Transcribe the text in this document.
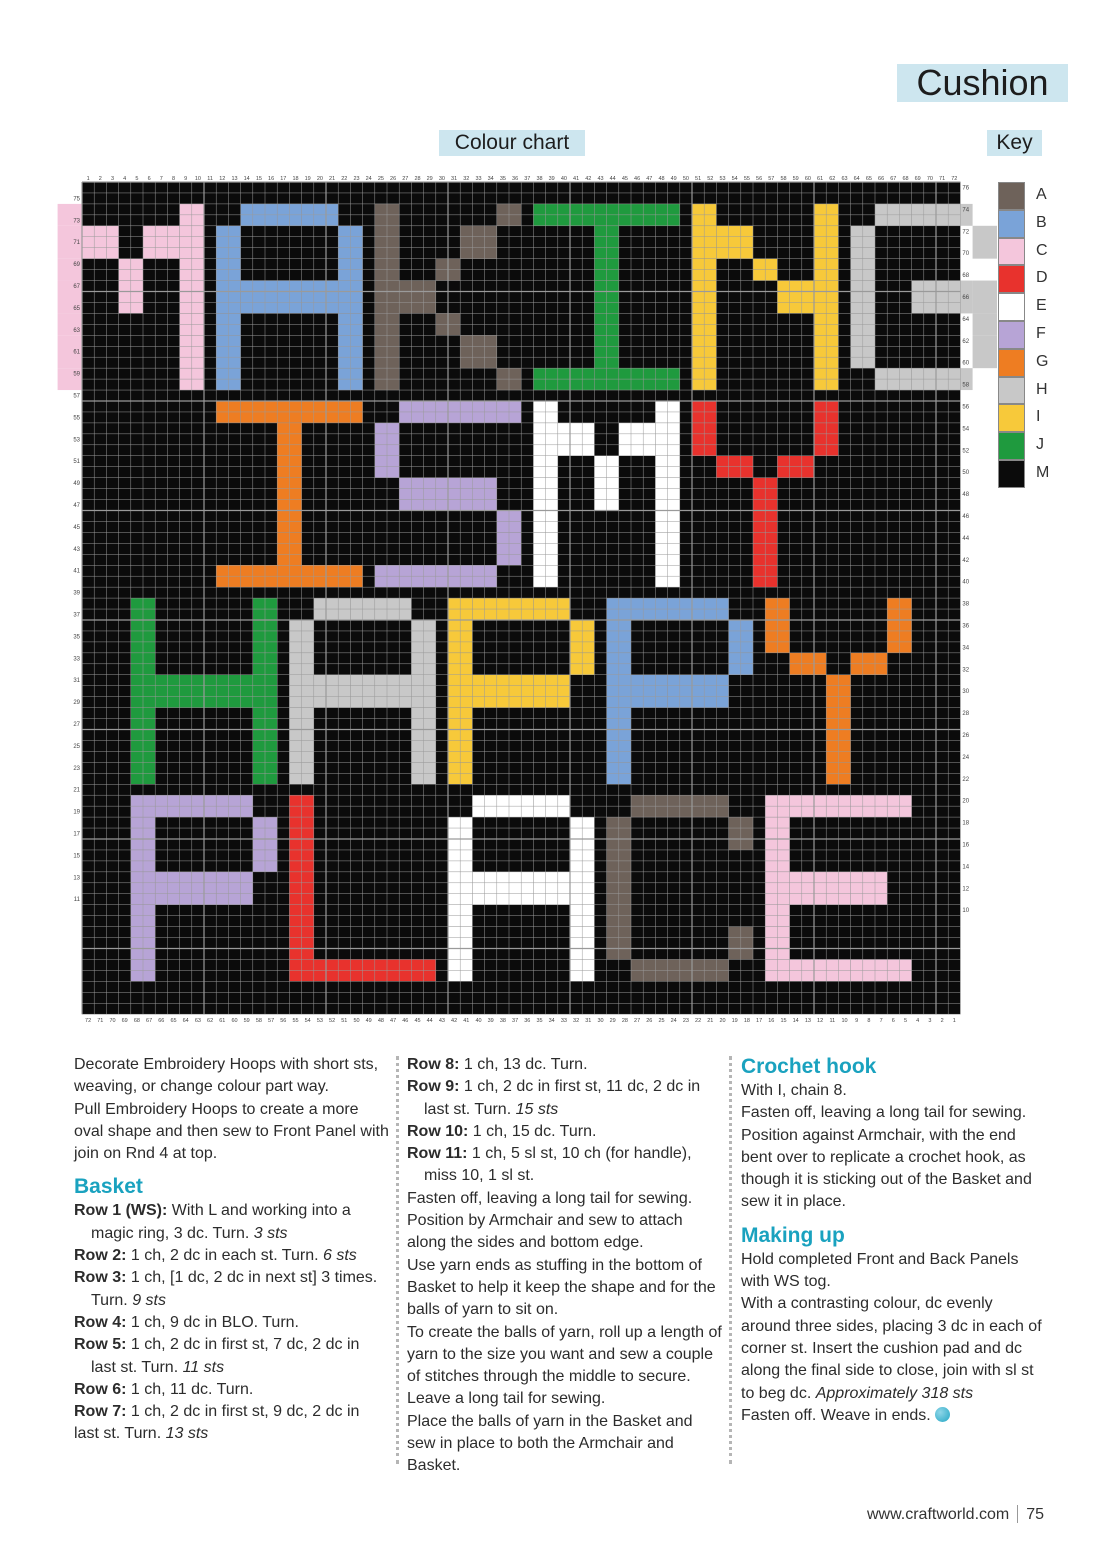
Cushion
Colour chart	Key
1
72
2
71
3
70
4
69
5
68
6
67
7
66
8
65
9
64
10
63
11
62
12
61
13
60
14
59
15
58
16
57
17
56
18
55
19
54
20
53
21
52
22
51
23
50
24
49
25
48
26
47
27
46
28
45
29
44
30
43
31
42
32
41
33
40
34
39
35
38
36
37
37
36
38
35
39
34
40
33
41
32
42
31
43
30
44
29
45
28
46
27
47
26
48
25
49
24
50
23
51
22
52
21
53
20
54
19
55
18
56
17
57
16
58
15
59
14
60
13
61
12
62
11
63
10
64
9
65
8
66
7
67
6
68
5
69
4
70
3
71
2
72
1
76
75
74
73
72
71
70
69
68
67
66
65
64
63
62
61
60
59
58
57
56
55
54
53
52
51
50
49
48
47
46
45
44
43
42
41
40
39
38
37
36
35
34
33
32
31
30
29
28
27
26
25
24
23
22
21
20
19
18
17
16
15
14
13
12
11
10
A
B
C
D
E
F
G
H
I
J
M

Decorate Embroidery Hoops with short sts, weaving, or change colour part way.

Pull Embroidery Hoops to create a more oval shape and then sew to Front Panel with join on Rnd 4 at top.

Basket

Row 1 (WS): With L and working into a

magic ring, 3 dc. Turn. 3 sts

Row 2: 1 ch, 2 dc in each st. Turn. 6 sts

Row 3: 1 ch, [1 dc, 2 dc in next st] 3 times.

Turn. 9 sts

Row 4: 1 ch, 9 dc in BLO. Turn.

Row 5: 1 ch, 2 dc in first st, 7 dc, 2 dc in

last st. Turn. 11 sts

Row 6: 1 ch, 11 dc. Turn.

Row 7: 1 ch, 2 dc in first st, 9 dc, 2 dc in

last st. Turn. 13 sts

Row 8: 1 ch, 13 dc. Turn.

Row 9: 1 ch, 2 dc in first st, 11 dc, 2 dc in

last st. Turn. 15 sts

Row 10: 1 ch, 15 dc. Turn.

Row 11: 1 ch, 5 sl st, 10 ch (for handle),

miss 10, 1 sl st.

Fasten off, leaving a long tail for sewing. Position by Armchair and sew to attach along the sides and bottom edge.

Use yarn ends as stuffing in the bottom of Basket to help it keep the shape and for the balls of yarn to sit on.

To create the balls of yarn, roll up a length of yarn to the size you want and sew a couple of stitches through the middle to secure. Leave a long tail for sewing.

Place the balls of yarn in the Basket and sew in place to both the Armchair and Basket.

Crochet hook

With I, chain 8.

Fasten off, leaving a long tail for sewing. Position against Armchair, with the end bent over to replicate a crochet hook, as though it is sticking out of the Basket and sew it in place.

Making up

Hold completed Front and Back Panels with WS tog.

With a contrasting colour, dc evenly around three sides, placing 3 dc in each of corner st. Insert the cushion pad and dc along the final side to close, join with sl st to beg dc. Approximately 318 sts

Fasten off. Weave in ends.

www.craftworld.com 75
